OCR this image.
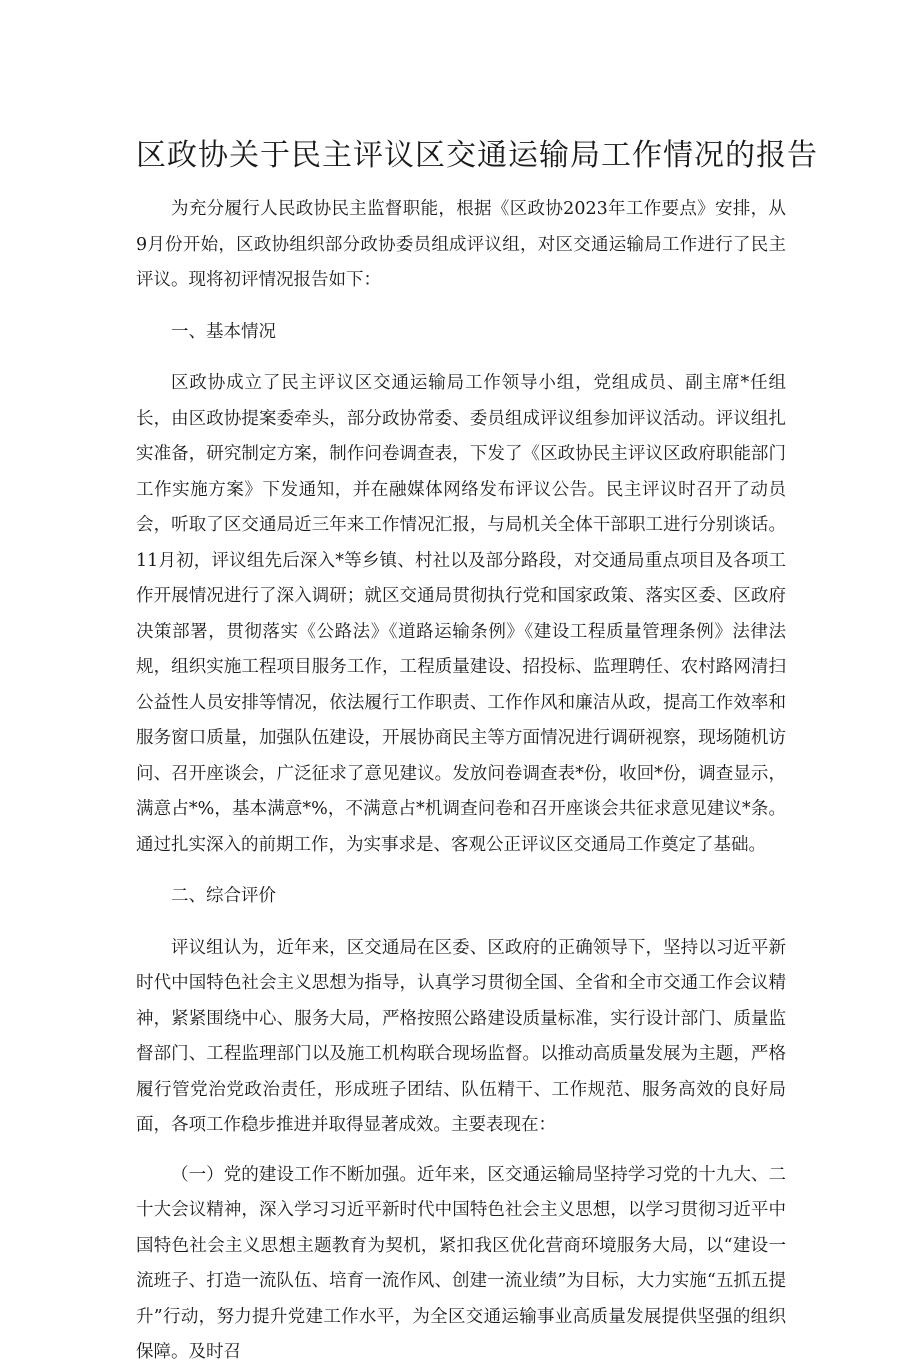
区政协关于民主评议区交通运输局工作情况的报告

为充分履行人民政协民主监督职能，根据《区政协2023年工作要点》安排，从9月份开始，区政协组织部分政协委员组成评议组，对区交通运输局工作进行了民主评议。现将初评情况报告如下：

一、基本情况

区政协成立了民主评议区交通运输局工作领导小组，党组成员、副主席*任组长，由区政协提案委牵头，部分政协常委、委员组成评议组参加评议活动。评议组扎实准备，研究制定方案，制作问卷调查表，下发了《区政协民主评议区政府职能部门工作实施方案》下发通知，并在融媒体网络发布评议公告。民主评议时召开了动员会，听取了区交通局近三年来工作情况汇报，与局机关全体干部职工进行分别谈话。11月初，评议组先后深入*等乡镇、村社以及部分路段，对交通局重点项目及各项工作开展情况进行了深入调研；就区交通局贯彻执行党和国家政策、落实区委、区政府决策部署，贯彻落实《公路法》《道路运输条例》《建设工程质量管理条例》法律法规，组织实施工程项目服务工作，工程质量建设、招投标、监理聘任、农村路网清扫公益性人员安排等情况，依法履行工作职责、工作作风和廉洁从政，提高工作效率和服务窗口质量，加强队伍建设，开展协商民主等方面情况进行调研视察，现场随机访问、召开座谈会，广泛征求了意见建议。发放问卷调查表*份，收回*份，调查显示，满意占*%，基本满意*%，不满意占*机调查问卷和召开座谈会共征求意见建议*条。通过扎实深入的前期工作，为实事求是、客观公正评议区交通局工作奠定了基础。

二、综合评价

评议组认为，近年来，区交通局在区委、区政府的正确领导下，坚持以习近平新时代中国特色社会主义思想为指导，认真学习贯彻全国、全省和全市交通工作会议精神，紧紧围绕中心、服务大局，严格按照公路建设质量标准，实行设计部门、质量监督部门、工程监理部门以及施工机构联合现场监督。以推动高质量发展为主题，严格履行管党治党政治责任，形成班子团结、队伍精干、工作规范、服务高效的良好局面，各项工作稳步推进并取得显著成效。主要表现在：

（一）党的建设工作不断加强。近年来，区交通运输局坚持学习党的十九大、二十大会议精神，深入学习习近平新时代中国特色社会主义思想，以学习贯彻习近平中国特色社会主义思想主题教育为契机，紧扣我区优化营商环境服务大局，以“建设一流班子、打造一流队伍、培育一流作风、创建一流业绩”为目标，大力实施“五抓五提升”行动，努力提升党建工作水平，为全区交通运输事业高质量发展提供坚强的组织保障。及时召
